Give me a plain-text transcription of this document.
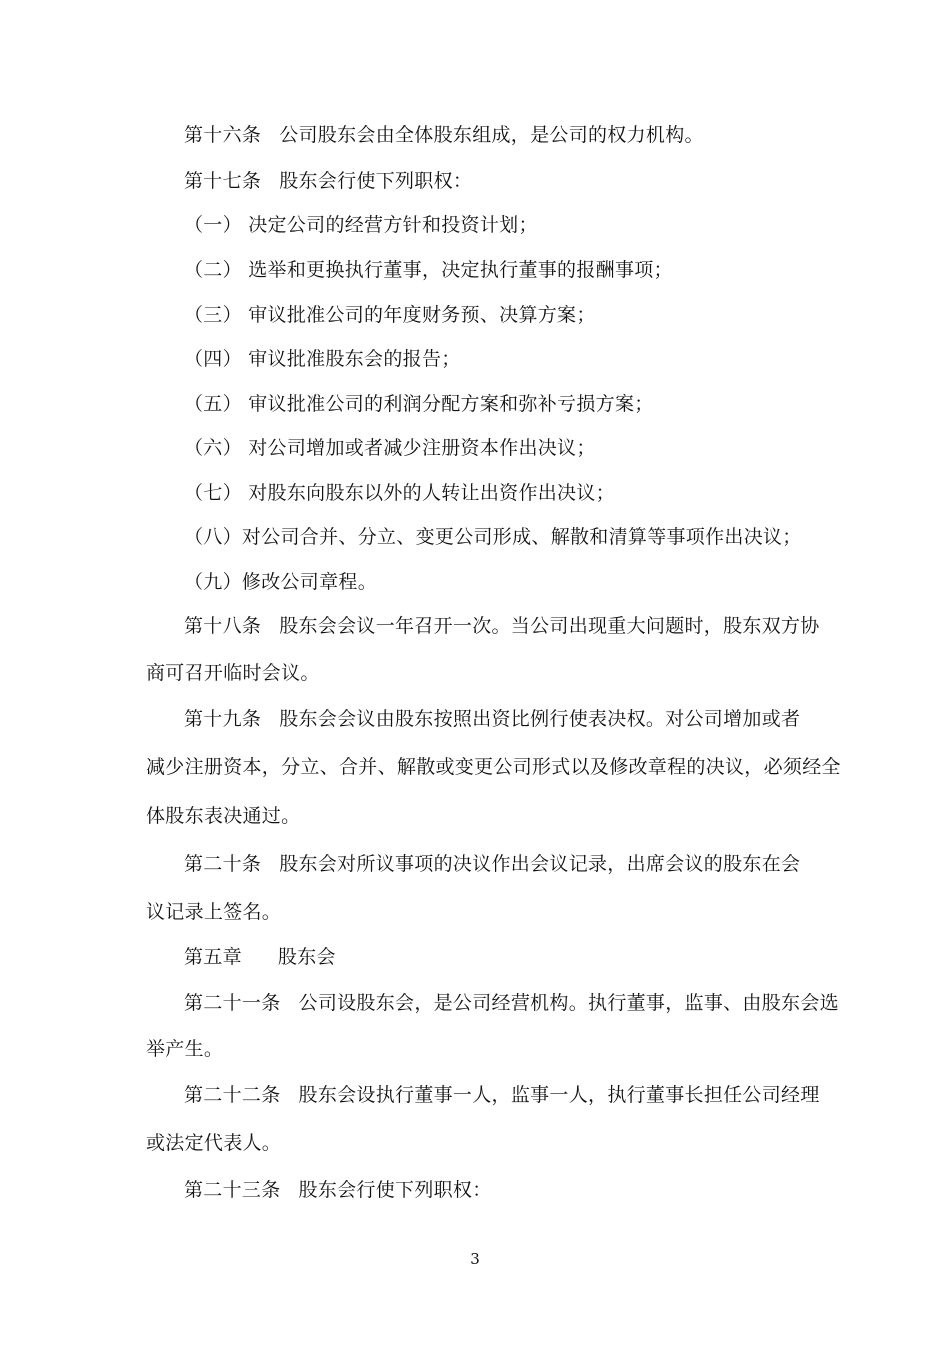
第十六条 公司股东会由全体股东组成，是公司的权力机构。
第十七条 股东会行使下列职权：
（一） 决定公司的经营方针和投资计划；
（二） 选举和更换执行董事，决定执行董事的报酬事项；
（三） 审议批准公司的年度财务预、决算方案；
（四） 审议批准股东会的报告；
（五） 审议批准公司的利润分配方案和弥补亏损方案；
（六） 对公司增加或者减少注册资本作出决议；
（七） 对股东向股东以外的人转让出资作出决议；
（八）对公司合并、分立、变更公司形成、解散和清算等事项作出决议；
（九）修改公司章程。
第十八条 股东会会议一年召开一次。当公司出现重大问题时，股东双方协
商可召开临时会议。
第十九条 股东会会议由股东按照出资比例行使表决权。对公司增加或者
减少注册资本，分立、合并、解散或变更公司形式以及修改章程的决议，必须经全
体股东表决通过。
第二十条 股东会对所议事项的决议作出会议记录，出席会议的股东在会
议记录上签名。
第五章 股东会
第二十一条 公司设股东会，是公司经营机构。执行董事，监事、由股东会选
举产生。
第二十二条 股东会设执行董事一人，监事一人，执行董事长担任公司经理
或法定代表人。
第二十三条 股东会行使下列职权：
3
